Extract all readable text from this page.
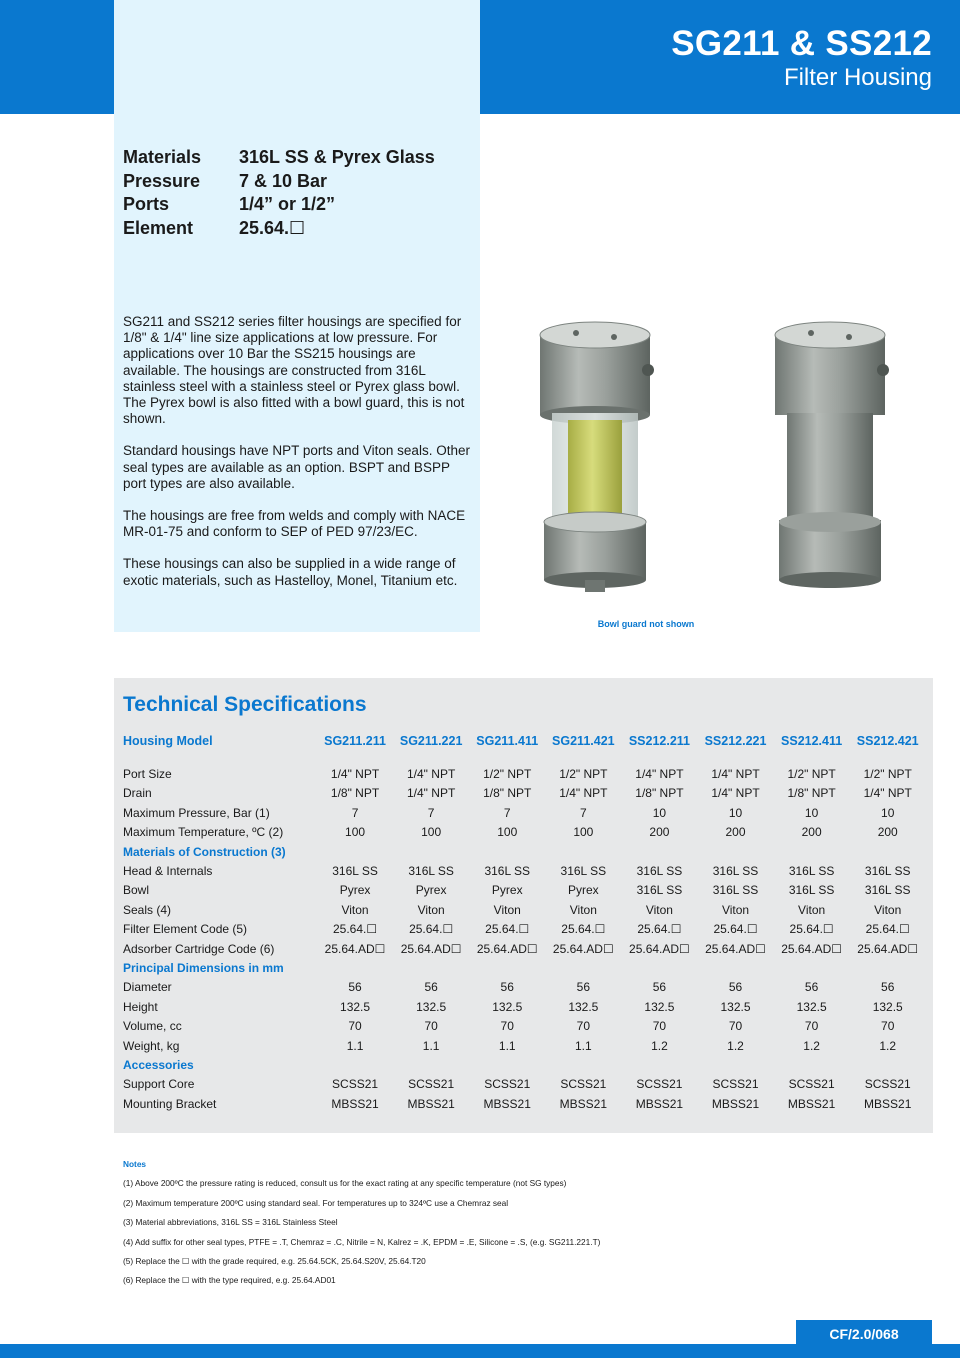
SG211 & SS212
Filter Housing
Materials	316L SS & Pyrex Glass
Pressure	7 & 10 Bar
Ports	1/4” or 1/2”
Element	25.64.☐

SG211 and SS212 series filter housings are specified for 1/8" & 1/4" line size applications at low pressure. For applications over 10 Bar the SS215 housings are available. The housings are constructed from 316L stainless steel with a stainless steel or Pyrex glass bowl. The Pyrex bowl is also fitted with a bowl guard, this is not shown.

Standard housings have NPT ports and Viton seals. Other seal types are available as an option. BSPT and BSPP port types are also available.

The housings are free from welds and comply with NACE MR-01-75 and conform to SEP of PED 97/23/EC.

These housings can also be supplied in a wide range of exotic materials, such as Hastelloy, Monel, Titanium etc.

Bowl guard not shown
Technical Specifications
Housing Model	SG211.211	SG211.221	SG211.411	SG211.421	SS212.211	SS212.221	SS212.411	SS212.421

Port Size	1/4" NPT	1/4" NPT	1/2" NPT	1/2" NPT	1/4" NPT	1/4" NPT	1/2" NPT	1/2" NPT
Drain	1/8" NPT	1/4" NPT	1/8" NPT	1/4" NPT	1/8" NPT	1/4" NPT	1/8" NPT	1/4" NPT
Maximum Pressure, Bar (1)	7	7	7	7	10	10	10	10
Maximum Temperature, ºC (2)	100	100	100	100	200	200	200	200
Materials of Construction (3)								
Head & Internals	316L SS	316L SS	316L SS	316L SS	316L SS	316L SS	316L SS	316L SS
Bowl	Pyrex	Pyrex	Pyrex	Pyrex	316L SS	316L SS	316L SS	316L SS
Seals (4)	Viton	Viton	Viton	Viton	Viton	Viton	Viton	Viton
Filter Element Code (5)	25.64.☐	25.64.☐	25.64.☐	25.64.☐	25.64.☐	25.64.☐	25.64.☐	25.64.☐
Adsorber Cartridge Code (6)	25.64.AD☐	25.64.AD☐	25.64.AD☐	25.64.AD☐	25.64.AD☐	25.64.AD☐	25.64.AD☐	25.64.AD☐
Principal Dimensions in mm								
Diameter	56	56	56	56	56	56	56	56
Height	132.5	132.5	132.5	132.5	132.5	132.5	132.5	132.5
Volume, cc	70	70	70	70	70	70	70	70
Weight, kg	1.1	1.1	1.1	1.1	1.2	1.2	1.2	1.2
Accessories								
Support Core	SCSS21	SCSS21	SCSS21	SCSS21	SCSS21	SCSS21	SCSS21	SCSS21
Mounting Bracket	MBSS21	MBSS21	MBSS21	MBSS21	MBSS21	MBSS21	MBSS21	MBSS21
Notes
(1) Above 200ºC the pressure rating is reduced, consult us for the exact rating at any specific temperature (not SG types)
(2) Maximum temperature 200ºC using standard seal. For temperatures up to 324ºC use a Chemraz seal
(3) Material abbreviations, 316L SS = 316L Stainless Steel
(4) Add suffix for other seal types, PTFE = .T, Chemraz = .C, Nitrile = N, Kalrez = .K, EPDM = .E, Silicone = .S, (e.g. SG211.221.T)
(5) Replace the ☐ with the grade required, e.g. 25.64.5CK, 25.64.S20V, 25.64.T20
(6) Replace the ☐ with the type required, e.g. 25.64.AD01
CF/2.0/068
